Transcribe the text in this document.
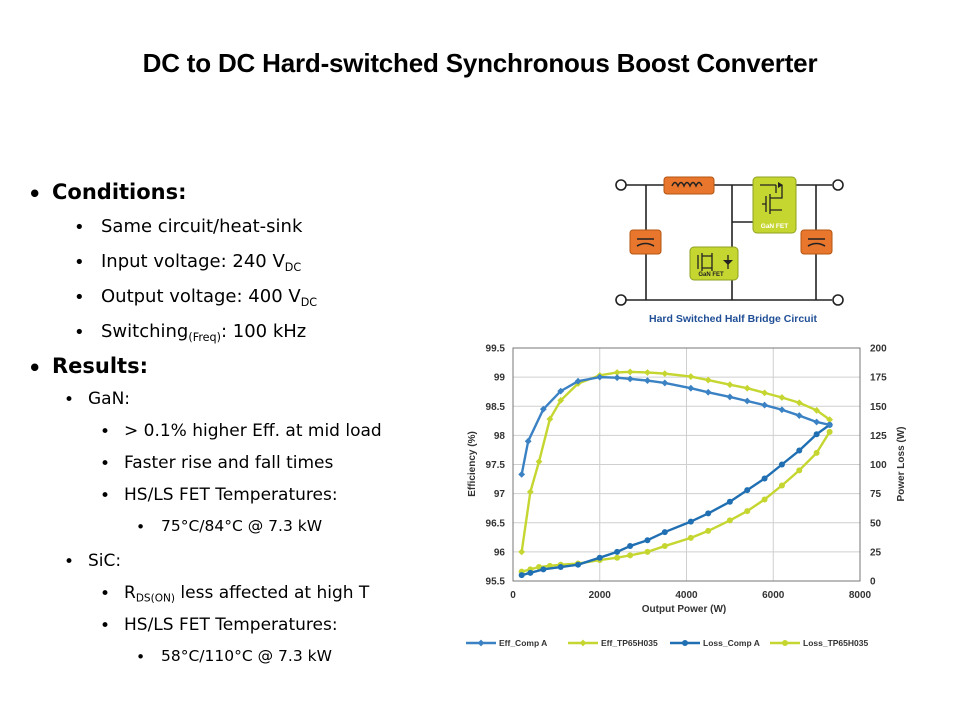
DC to DC Hard-switched Synchronous Boost Converter
• Conditions:
• Same circuit/heat-sink
• Input voltage: 240 $V_{DC}$
• Output voltage: 400 $V_{DC}$
• Switching$_{(Freq)}$: 100 kHz
• Results:
• GaN:
• > 0.1% higher Eff. at mid load
• Faster rise and fall times
• HS/LS FET Temperatures:
• 75°C/84°C @ 7.3 kW
• SiC:
• $R_{DS(ON)}$ less affected at high T
• HS/LS FET Temperatures:
• 58°C/110°C @ 7.3 kW
GaN FET
GaN FET
Hard Switched Half Bridge Circuit
95.5
96
96.5
97
97.5
98
98.5
99
99.5
0
25
50
75
100
125
150
175
200
0	2000	4000	6000	8000
Output Power (W)
Efficiency (%)	Power Loss (W)
Eff_Comp A	Eff_TP65H035	Loss_Comp A	Loss_TP65H035
